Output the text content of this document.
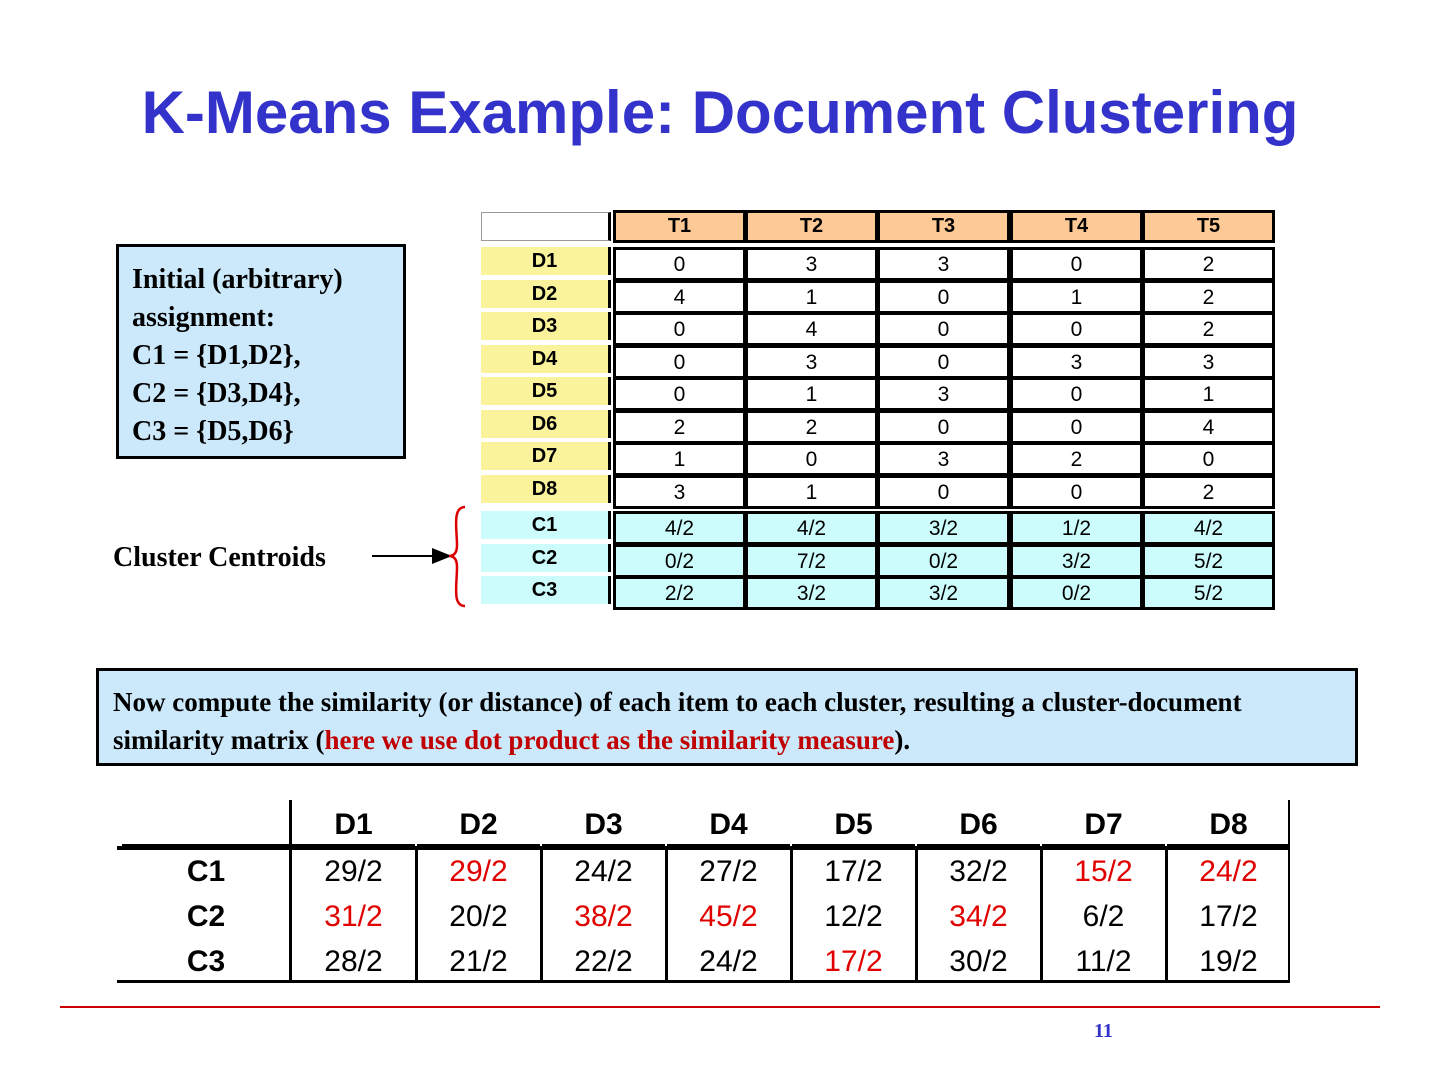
K-Means Example: Document Clustering
Initial (arbitrary)
assignment:
C1 = {D1,D2},
C2 = {D3,D4},
C3 = {D5,D6}
Cluster Centroids
T1	T2	T3	T4	T5
D1	0	3	3	0	2
D2	4	1	0	1	2
D3	0	4	0	0	2
D4	0	3	0	3	3
D5	0	1	3	0	1
D6	2	2	0	0	4
D7	1	0	3	2	0
D8	3	1	0	0	2
C1	4/2	4/2	3/2	1/2	4/2
C2	0/2	7/2	0/2	3/2	5/2
C3	2/2	3/2	3/2	0/2	5/2
Now compute the similarity (or distance) of each item to each cluster, resulting a cluster-document similarity matrix (here we use dot product as the similarity measure).
D1	D2	D3	D4	D5	D6	D7	D8
C1	29/2	29/2	24/2	27/2	17/2	32/2	15/2	24/2
C2	31/2	20/2	38/2	45/2	12/2	34/2	6/2	17/2
C3	28/2	21/2	22/2	24/2	17/2	30/2	11/2	19/2
11
